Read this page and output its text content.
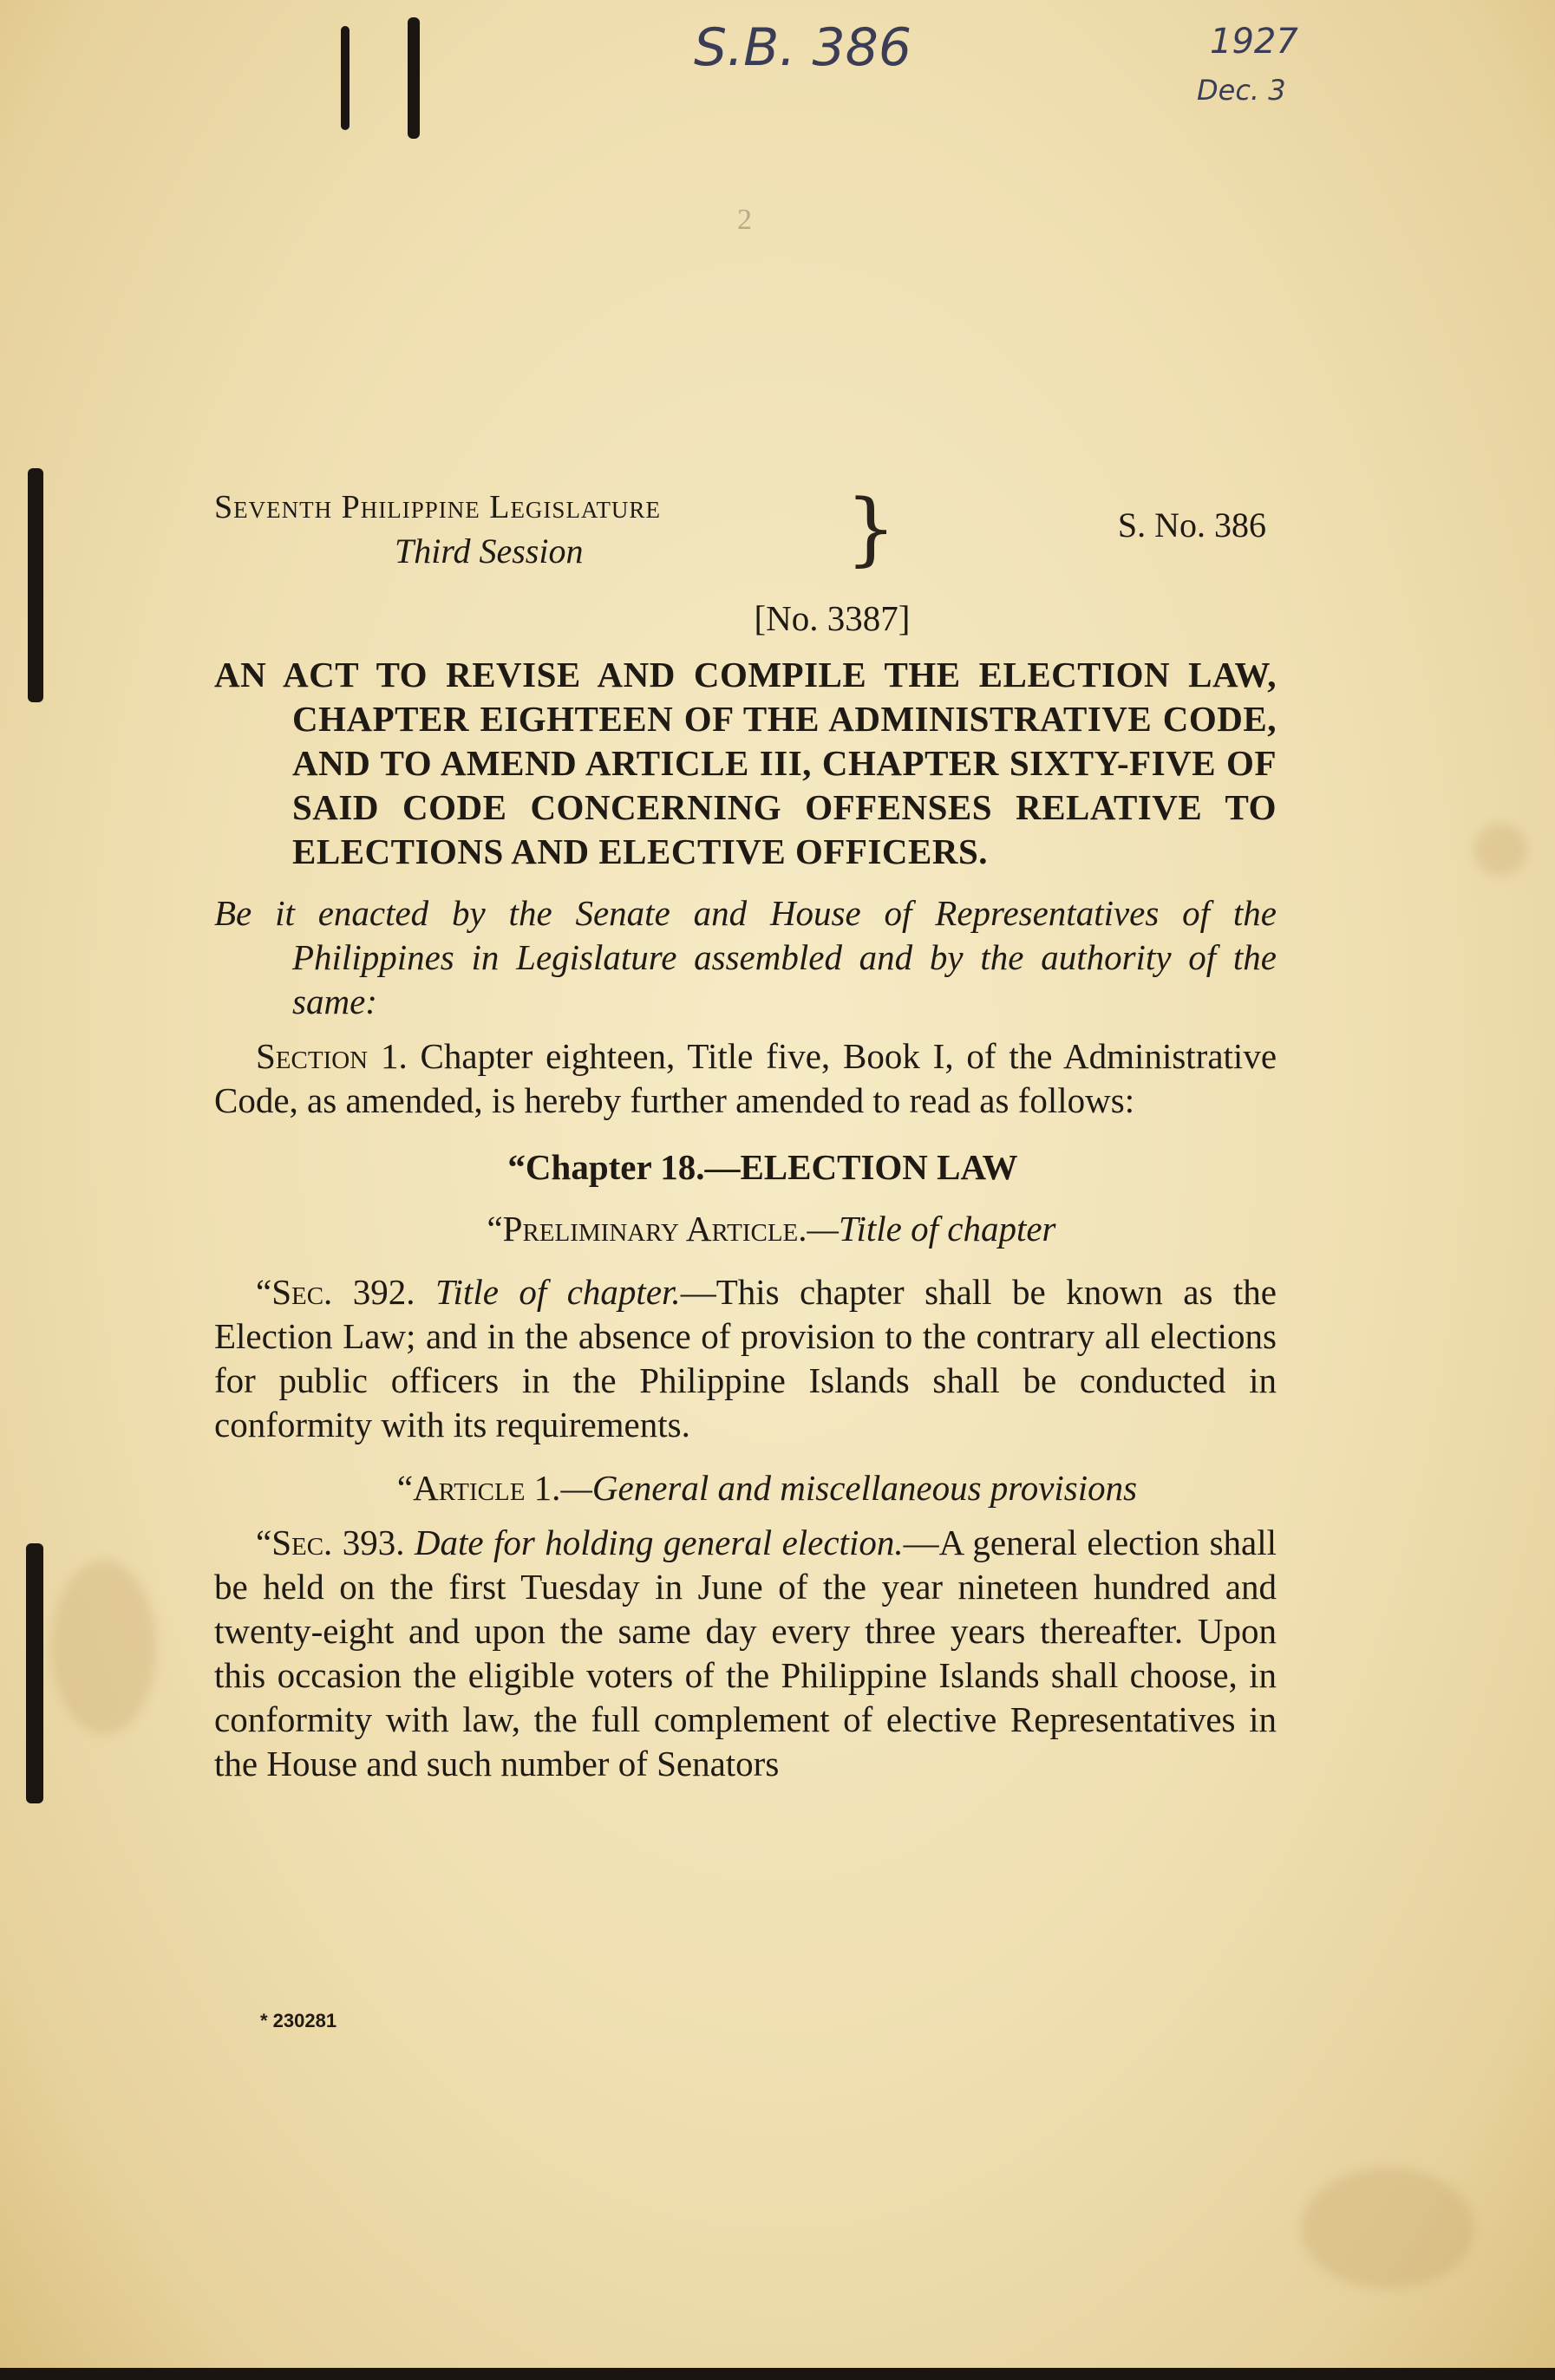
S.B. 386	1927
Dec. 3
2
Seventh Philippine Legislature
Third Session	}	S. No. 386
[No. 3387]
AN ACT TO REVISE AND COMPILE THE ELECTION LAW, CHAPTER EIGHTEEN OF THE ADMINISTRATIVE CODE, AND TO AMEND ARTICLE III, CHAPTER SIXTY-FIVE OF SAID CODE CONCERNING OFFENSES RELATIVE TO ELECTIONS AND ELECTIVE OFFICERS.
Be it enacted by the Senate and House of Representatives of the Philippines in Legislature assembled and by the authority of the same:
Section 1. Chapter eighteen, Title five, Book I, of the Administrative Code, as amended, is hereby further amended to read as follows:
“Chapter 18.—ELECTION LAW
“Preliminary Article.—Title of chapter
“Sec. 392. Title of chapter.—This chapter shall be known as the Election Law; and in the absence of provision to the contrary all elections for public officers in the Philippine Islands shall be conducted in conformity with its requirements.
“Article 1.—General and miscellaneous provisions
“Sec. 393. Date for holding general election.—A general election shall be held on the first Tuesday in June of the year nineteen hundred and twenty-eight and upon the same day every three years thereafter. Upon this occasion the eligible voters of the Philippine Islands shall choose, in conformity with law, the full complement of elective Representatives in the House and such number of Senators
* 230281
